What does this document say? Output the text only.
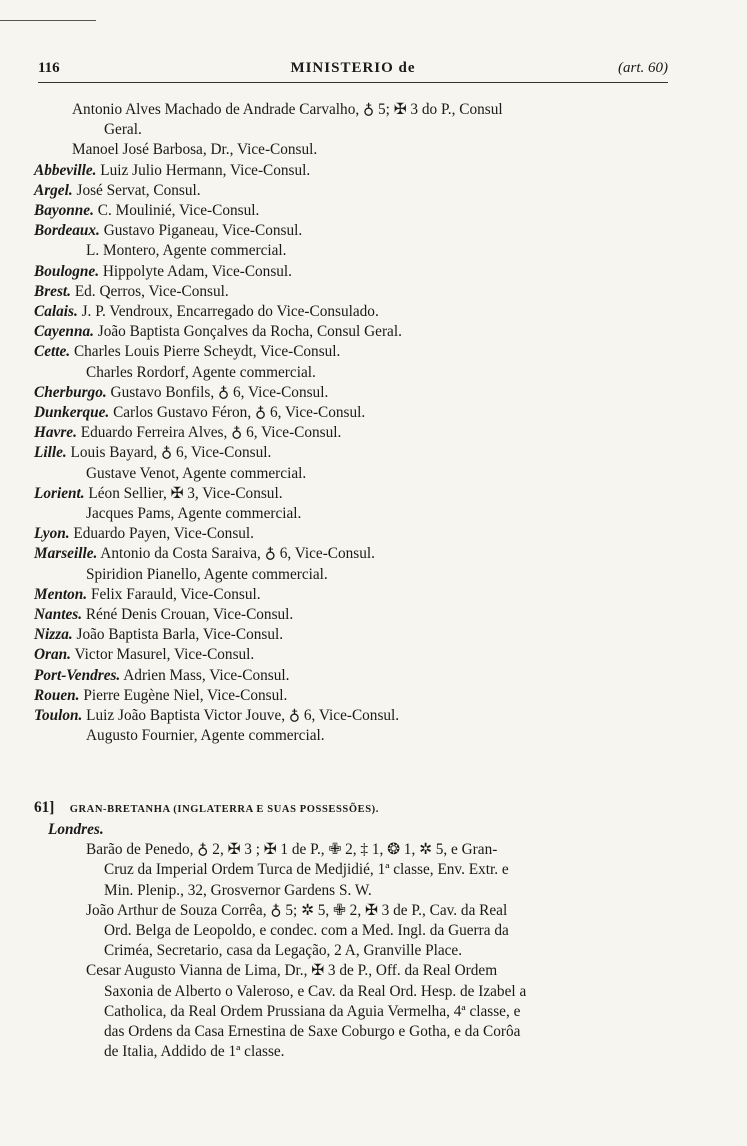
116	MINISTERIO de	(art. 60)
Antonio Alves Machado de Andrade Carvalho, ♁ 5; ✠ 3 do P., Consul
Geral.
Manoel José Barbosa, Dr., Vice-Consul.
Abbeville. Luiz Julio Hermann, Vice-Consul.
Argel. José Servat, Consul.
Bayonne. C. Moulinié, Vice-Consul.
Bordeaux. Gustavo Piganeau, Vice-Consul.
L. Montero, Agente commercial.
Boulogne. Hippolyte Adam, Vice-Consul.
Brest. Ed. Qerros, Vice-Consul.
Calais. J. P. Vendroux, Encarregado do Vice-Consulado.
Cayenna. João Baptista Gonçalves da Rocha, Consul Geral.
Cette. Charles Louis Pierre Scheydt, Vice-Consul.
Charles Rordorf, Agente commercial.
Cherburgo. Gustavo Bonfils, ♁ 6, Vice-Consul.
Dunkerque. Carlos Gustavo Féron, ♁ 6, Vice-Consul.
Havre. Eduardo Ferreira Alves, ♁ 6, Vice-Consul.
Lille. Louis Bayard, ♁ 6, Vice-Consul.
Gustave Venot, Agente commercial.
Lorient. Léon Sellier, ✠ 3, Vice-Consul.
Jacques Pams, Agente commercial.
Lyon. Eduardo Payen, Vice-Consul.
Marseille. Antonio da Costa Saraiva, ♁ 6, Vice-Consul.
Spiridion Pianello, Agente commercial.
Menton. Felix Farauld, Vice-Consul.
Nantes. Réné Denis Crouan, Vice-Consul.
Nizza. João Baptista Barla, Vice-Consul.
Oran. Victor Masurel, Vice-Consul.
Port-Vendres. Adrien Mass, Vice-Consul.
Rouen. Pierre Eugène Niel, Vice-Consul.
Toulon. Luiz João Baptista Victor Jouve, ♁ 6, Vice-Consul.
Augusto Fournier, Agente commercial.
61] GRAN-BRETANHA (INGLATERRA E SUAS POSSESSÕES).
Londres.
Barão de Penedo, ♁ 2, ✠ 3 ; ✠ 1 de P., ✙ 2, ‡ 1, ❂ 1, ✲ 5, e Gran-
Cruz da Imperial Ordem Turca de Medjidié, 1ª classe, Env. Extr. e
Min. Plenip., 32, Grosvernor Gardens S. W.
João Arthur de Souza Corrêa, ♁ 5; ✲ 5, ✙ 2, ✠ 3 de P., Cav. da Real
Ord. Belga de Leopoldo, e condec. com a Med. Ingl. da Guerra da
Criméa, Secretario, casa da Legação, 2 A, Granville Place.
Cesar Augusto Vianna de Lima, Dr., ✠ 3 de P., Off. da Real Ordem
Saxonia de Alberto o Valeroso, e Cav. da Real Ord. Hesp. de Izabel a
Catholica, da Real Ordem Prussiana da Aguia Vermelha, 4ª classe, e
das Ordens da Casa Ernestina de Saxe Coburgo e Gotha, e da Corôa
de Italia, Addido de 1ª classe.
